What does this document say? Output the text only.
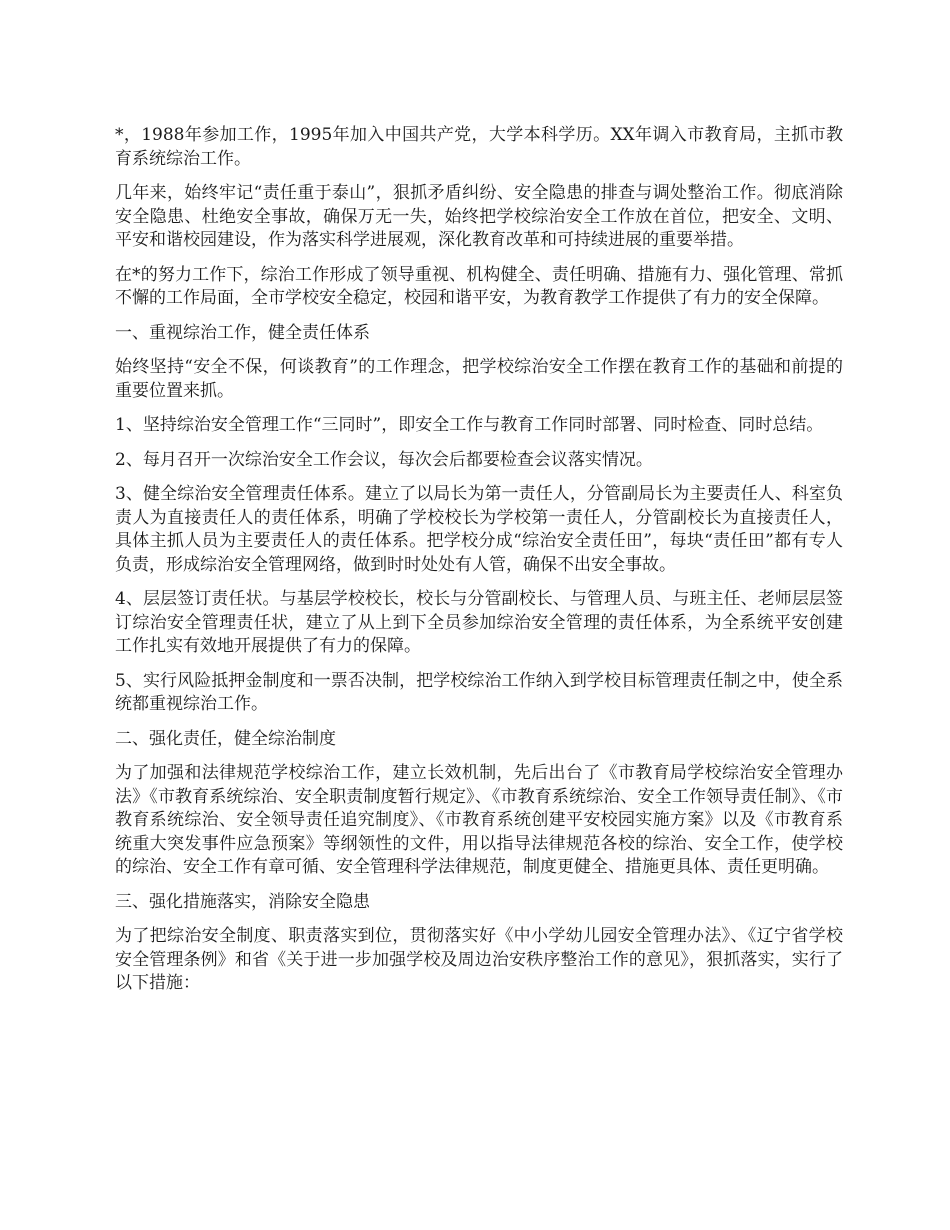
*，1988年参加工作，1995年加入中国共产党，大学本科学历。XX年调入市教育局，主抓市教育系统综治工作。

几年来，始终牢记“责任重于泰山”，狠抓矛盾纠纷、安全隐患的排查与调处整治工作。彻底消除安全隐患、杜绝安全事故，确保万无一失，始终把学校综治安全工作放在首位，把安全、文明、平安和谐校园建设，作为落实科学进展观，深化教育改革和可持续进展的重要举措。

在*的努力工作下，综治工作形成了领导重视、机构健全、责任明确、措施有力、强化管理、常抓不懈的工作局面，全市学校安全稳定，校园和谐平安，为教育教学工作提供了有力的安全保障。

一、重视综治工作，健全责任体系

始终坚持“安全不保，何谈教育”的工作理念，把学校综治安全工作摆在教育工作的基础和前提的重要位置来抓。

1、坚持综治安全管理工作“三同时”，即安全工作与教育工作同时部署、同时检查、同时总结。

2、每月召开一次综治安全工作会议，每次会后都要检查会议落实情况。

3、健全综治安全管理责任体系。建立了以局长为第一责任人，分管副局长为主要责任人、科室负责人为直接责任人的责任体系，明确了学校校长为学校第一责任人，分管副校长为直接责任人，具体主抓人员为主要责任人的责任体系。把学校分成“综治安全责任田”，每块“责任田”都有专人负责，形成综治安全管理网络，做到时时处处有人管，确保不出安全事故。

4、层层签订责任状。与基层学校校长，校长与分管副校长、与管理人员、与班主任、老师层层签订综治安全管理责任状，建立了从上到下全员参加综治安全管理的责任体系，为全系统平安创建工作扎实有效地开展提供了有力的保障。

5、实行风险抵押金制度和一票否决制，把学校综治工作纳入到学校目标管理责任制之中，使全系统都重视综治工作。

二、强化责任，健全综治制度

为了加强和法律规范学校综治工作，建立长效机制，先后出台了《市教育局学校综治安全管理办法》《市教育系统综治、安全职责制度暂行规定》、《市教育系统综治、安全工作领导责任制》、《市教育系统综治、安全领导责任追究制度》、《市教育系统创建平安校园实施方案》以及《市教育系统重大突发事件应急预案》等纲领性的文件，用以指导法律规范各校的综治、安全工作，使学校的综治、安全工作有章可循、安全管理科学法律规范，制度更健全、措施更具体、责任更明确。

三、强化措施落实，消除安全隐患

为了把综治安全制度、职责落实到位，贯彻落实好《中小学幼儿园安全管理办法》、《辽宁省学校安全管理条例》和省《关于进一步加强学校及周边治安秩序整治工作的意见》，狠抓落实，实行了以下措施：
